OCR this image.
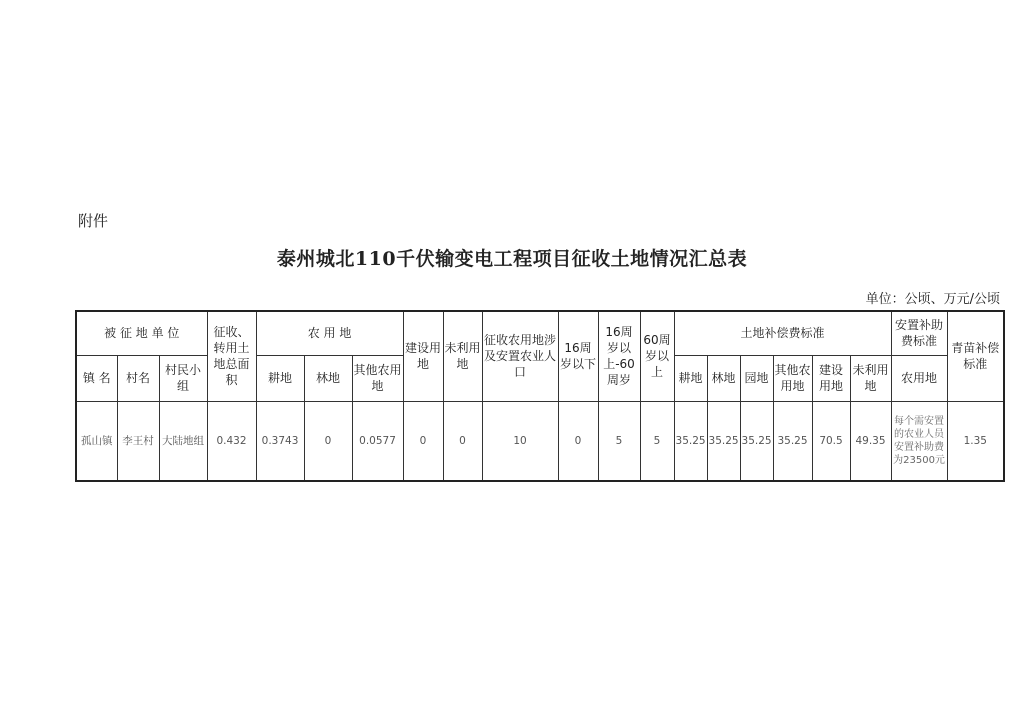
附件
泰州城北110千伏输变电工程项目征收土地情况汇总表
单位：公顷、万元/公顷
被 征 地 单 位			征收、转用土地总面积	农 用 地			建设用地	未利用地	征收农用地涉及安置农业人口	16周岁以下	16周岁以上-60周岁	60周岁以上	土地补偿费标准						安置补助费标准	青苗补偿标准
镇 名	村名	村民小组		耕地	林地	其他农用地							耕地	林地	园地	其他农用地	建设用地	未利用地	农用地	
孤山镇	李王村	大陆地组	0.432	0.3743	0	0.0577	0	0	10	0	5	5	35.25	35.25	35.25	35.25	70.5	49.35	每个需安置的农业人员安置补助费为23500元	1.35
